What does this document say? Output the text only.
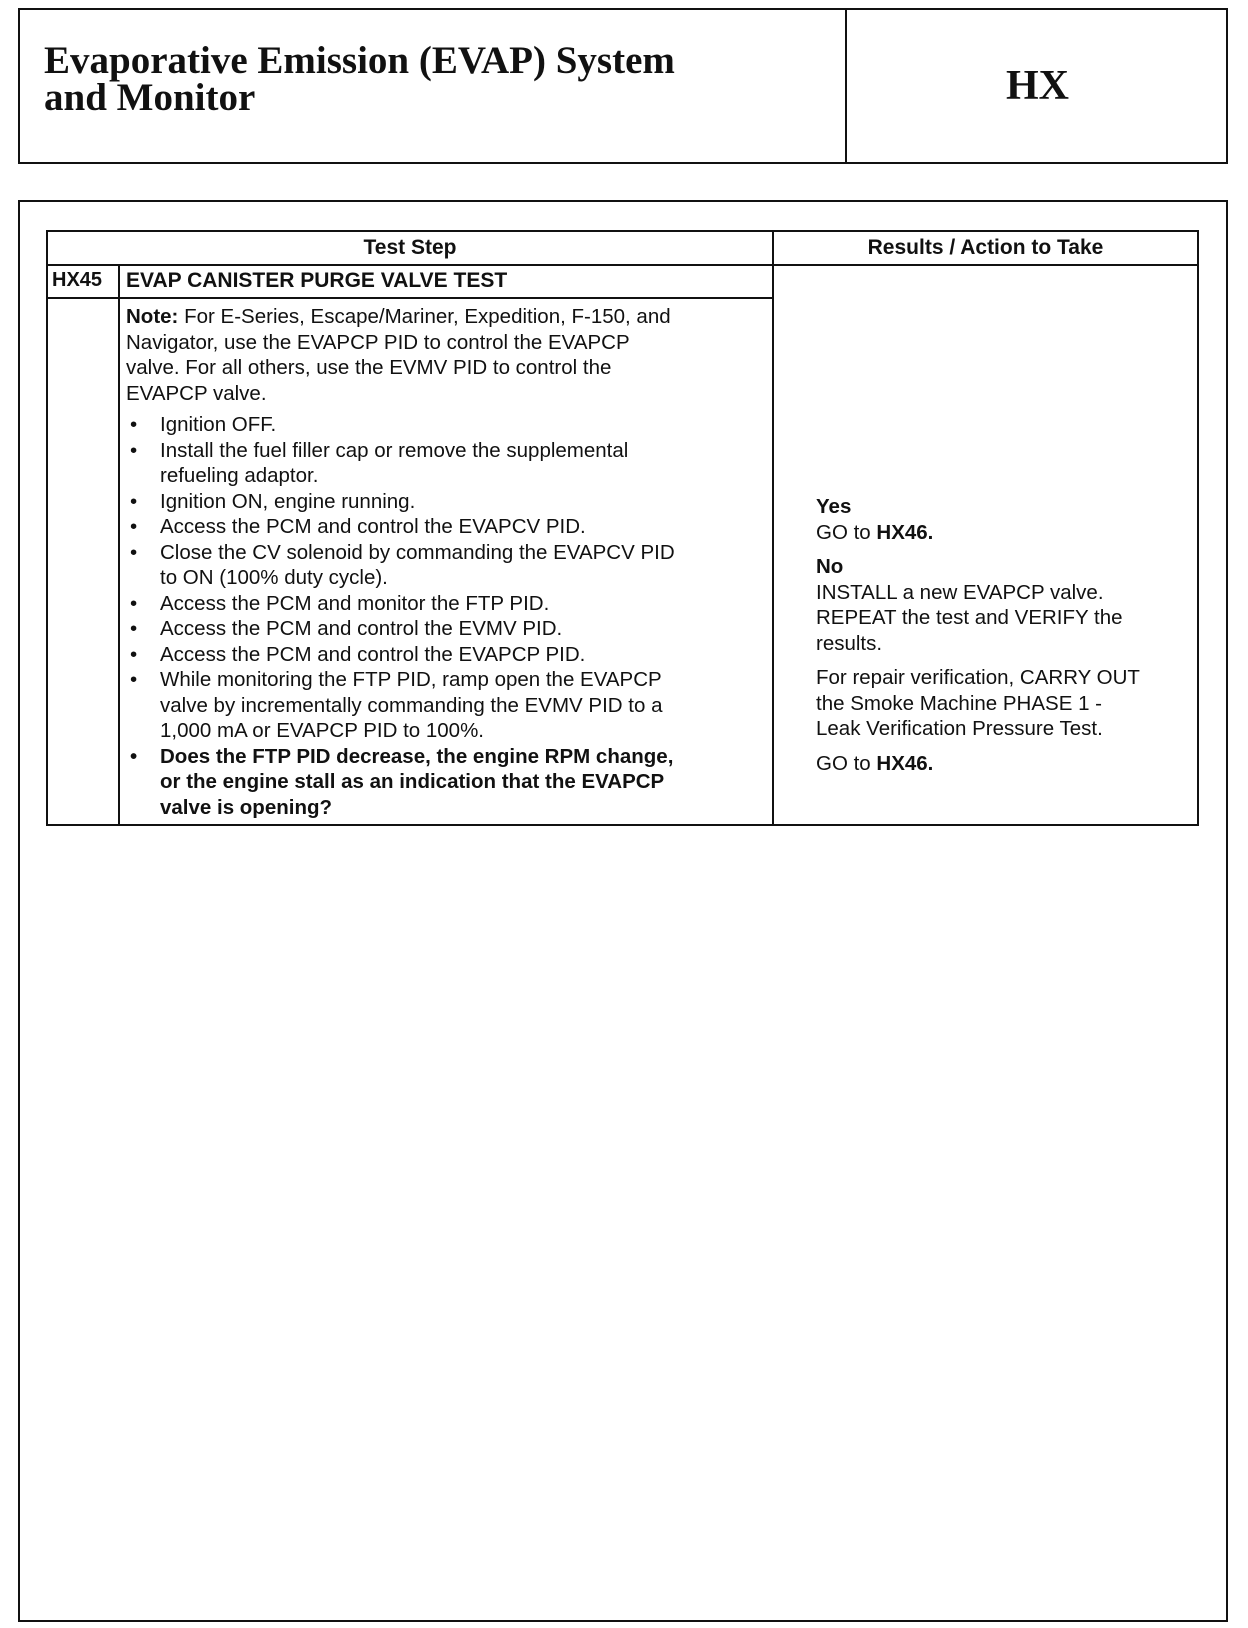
Evaporative Emission (EVAP) System
and Monitor	HX
Test Step	Results / Action to Take
HX45 EVAP CANISTER PURGE VALVE TEST

Note: For E-Series, Escape/Mariner, Expedition, F-150, and

Navigator, use the EVAPCP PID to control the EVAPCP

valve. For all others, use the EVMV PID to control the

EVAPCP valve.

• Ignition OFF.
• Install the fuel filler cap or remove the supplemental
refueling adaptor.
• Ignition ON, engine running.
• Access the PCM and control the EVAPCV PID.
• Close the CV solenoid by commanding the EVAPCV PID
to ON (100% duty cycle).
• Access the PCM and monitor the FTP PID.
• Access the PCM and control the EVMV PID.
• Access the PCM and control the EVAPCP PID.
• While monitoring the FTP PID, ramp open the EVAPCP
valve by incrementally commanding the EVMV PID to a
1,000 mA or EVAPCP PID to 100%.
• Does the FTP PID decrease, the engine RPM change,
or the engine stall as an indication that the EVAPCP
valve is opening?

Yes

GO to HX46.

No

INSTALL a new EVAPCP valve.

REPEAT the test and VERIFY the

results.

For repair verification, CARRY OUT

the Smoke Machine PHASE 1 -

Leak Verification Pressure Test.

GO to HX46.
